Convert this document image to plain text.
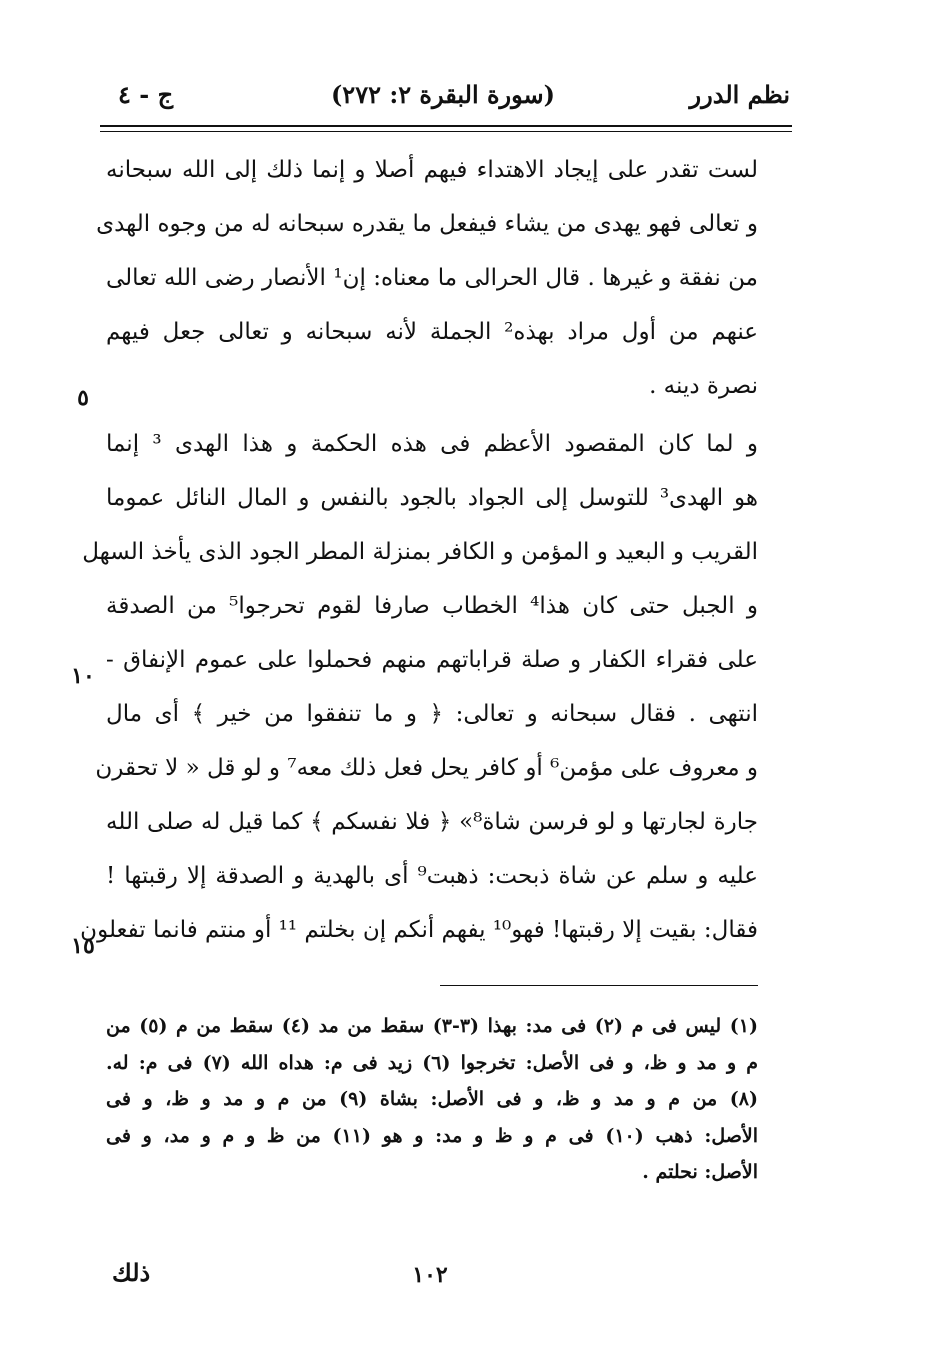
نظم الدرر
(سورة البقرة ٢: ٢٧٢)
ج - ٤
لست تقدر على إيجاد الاهتداء فيهم أصلا و إنما ذلك إلى الله سبحانه
و تعالى فهو يهدى من يشاء فيفعل ما يقدره سبحانه له من وجوه الهدى
من نفقة و غيرها . قال الحرالى ما معناه: إن¹ الأنصار رضى الله تعالى
عنهم من أول مراد بهذه² الجملة لأنه سبحانه و تعالى جعل فيهم
نصرة دينه .
و لما كان المقصود الأعظم فى هذه الحكمة و هذا الهدى ³ إنما
هو الهدى³ للتوسل إلى الجواد بالجود بالنفس و المال النائل عموما
القريب و البعيد و المؤمن و الكافر بمنزلة المطر الجود الذى يأخذ السهل
و الجبل حتى كان هذا⁴ الخطاب صارفا لقوم تحرجوا⁵ من الصدقة
على فقراء الكفار و صلة قراباتهم منهم فحملوا على عموم الإنفاق -
انتهى . فقال سبحانه و تعالى: ﴿ و ما تنفقوا من خير ﴾ أى مال
و معروف على مؤمن⁶ أو كافر يحل فعل ذلك معه⁷ و لو قل « لا تحقرن
جارة لجارتها و لو فرسن شاة⁸» ﴿ فلا نفسكم ﴾ كما قيل له صلى الله
عليه و سلم عن شاة ذبحت: ذهبت⁹ أى بالهدية و الصدقة إلا رقبتها !
فقال: بقيت إلا رقبتها! فهو¹⁰ يفهم أنكم إن بخلتم ¹¹ أو منتم فانما تفعلون
٥
١٠
١٥
(١) ليس فى م (٢) فى مد: بهذا (٣-٣) سقط من مد (٤) سقط من م (٥) من
م و مد و ظ، و فى الأصل: تخرجوا (٦) زيد فى م: هداه الله (٧) فى م: له.
(٨) من م و مد و ظ، و فى الأصل: بشاة (٩) من م و مد و ظ، و فى
الأصل: ذهب (١٠) فى م و ظ و مد: و هو (١١) من ظ و م و مد، و فى
الأصل: نحلتم .
١٠٢
ذلك
